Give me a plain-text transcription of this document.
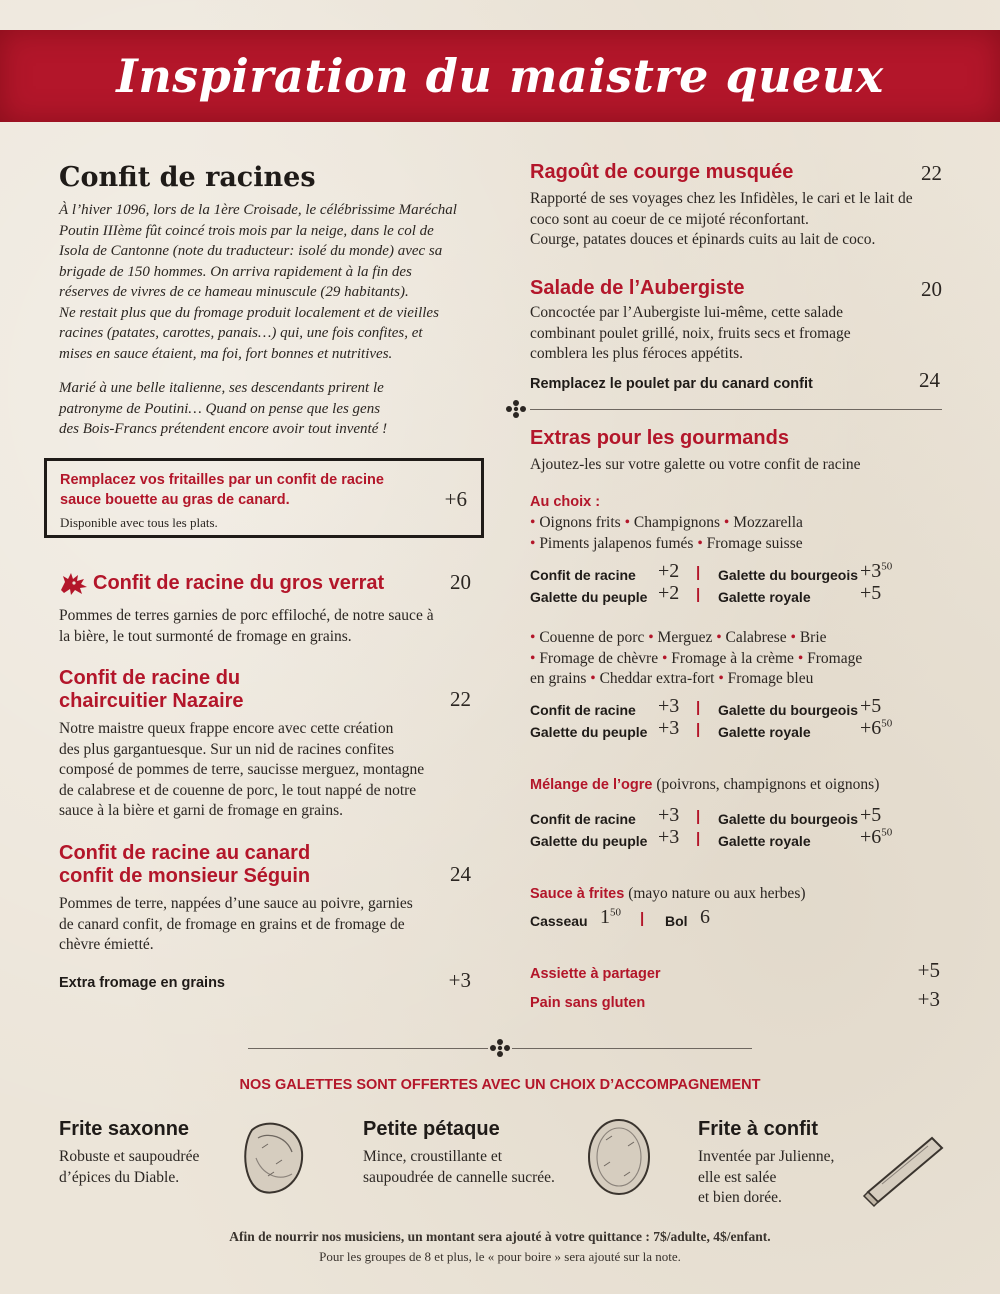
Inspiration du maistre queux
Confit de racines
À l’hiver 1096, lors de la 1ère Croisade, le célébrissime Maréchal
Poutin IIIème fût coincé trois mois par la neige, dans le col de
Isola de Cantonne (note du traducteur: isolé du monde) avec sa
brigade de 150 hommes. On arriva rapidement à la fin des
réserves de vivres de ce hameau minuscule (29 habitants).
Ne restait plus que du fromage produit localement et de vieilles
racines (patates, carottes, panais…) qui, une fois confites, et
mises en sauce étaient, ma foi, fort bonnes et nutritives.
Marié à une belle italienne, ses descendants prirent le
patronyme de Poutini… Quand on pense que les gens
des Bois-Francs prétendent encore avoir tout inventé !
Remplacez vos fritailles par un confit de racine
sauce bouette au gras de canard.	+6
Disponible avec tous les plats.
Confit de racine du gros verrat	20
Pommes de terres garnies de porc effiloché, de notre sauce à
la bière, le tout surmonté de fromage en grains.
Confit de racine du
chaircuitier Nazaire	22
Notre maistre queux frappe encore avec cette création
des plus gargantuesque. Sur un nid de racines confites
composé de pommes de terre, saucisse merguez, montagne
de calabrese et de couenne de porc, le tout nappé de notre
sauce à la bière et garni de fromage en grains.
Confit de racine au canard
confit de monsieur Séguin	24
Pommes de terre, nappées d’une sauce au poivre, garnies
de canard confit, de fromage en grains et de fromage de
chèvre émietté.
Extra fromage en grains	+3
Ragoût de courge musquée	22
Rapporté de ses voyages chez les Infidèles, le cari et le lait de
coco sont au coeur de ce mijoté réconfortant.
Courge, patates douces et épinards cuits au lait de coco.
Salade de l’Aubergiste	20
Concoctée par l’Aubergiste lui-même, cette salade
combinant poulet grillé, noix, fruits secs et fromage
comblera les plus féroces appétits.
Remplacez le poulet par du canard confit	24
Extras pour les gourmands
Ajoutez-les sur votre galette ou votre confit de racine
Au choix :
• Oignons frits • Champignons • Mozzarella
• Piments jalapenos fumés • Fromage suisse
Confit de racine +2 | Galette du bourgeois $+3^{50}$
Galette du peuple +2 | Galette royale +5
• Couenne de porc • Merguez • Calabrese • Brie
• Fromage de chèvre • Fromage à la crème • Fromage
en grains • Cheddar extra-fort • Fromage bleu
Confit de racine +3 | Galette du bourgeois +5
Galette du peuple +3 | Galette royale $+6^{50}$
Mélange de l’ogre (poivrons, champignons et oignons)
Confit de racine +3 | Galette du bourgeois +5
Galette du peuple +3 | Galette royale $+6^{50}$
Sauce à frites (mayo nature ou aux herbes)
Casseau $1^{50}$ | Bol 6
Assiette à partager	+5
Pain sans gluten	+3
NOS GALETTES SONT OFFERTES AVEC UN CHOIX D’ACCOMPAGNEMENT
Frite saxonne
Robuste et saupoudrée
d’épices du Diable.
Petite pétaque
Mince, croustillante et
saupoudrée de cannelle sucrée.
Frite à confit
Inventée par Julienne,
elle est salée
et bien dorée.
Afin de nourrir nos musiciens, un montant sera ajouté à votre quittance : 7$/adulte, 4$/enfant.
Pour les groupes de 8 et plus, le « pour boire » sera ajouté sur la note.
